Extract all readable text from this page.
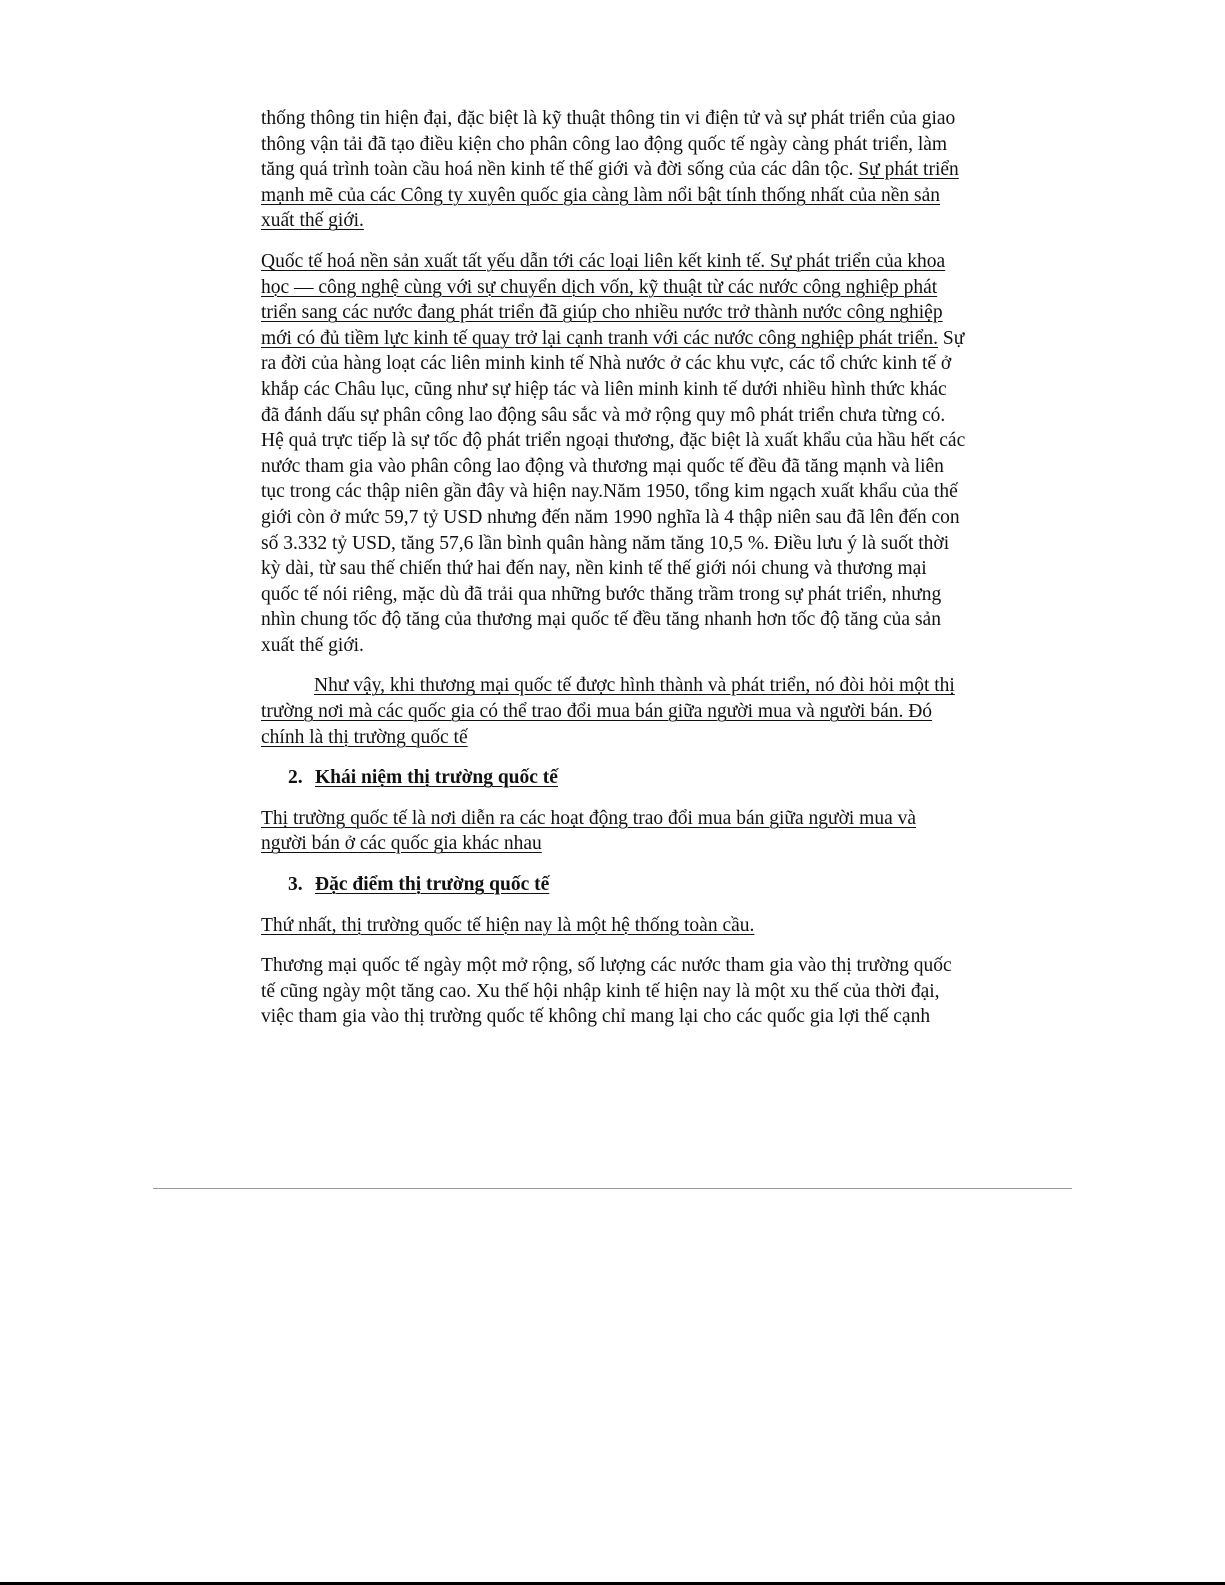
thống thông tin hiện đại, đặc biệt là kỹ thuật thông tin vi điện tử và sự phát triển của giao thông vận tải đã tạo điều kiện cho phân công lao động quốc tế ngày càng phát triển, làm tăng quá trình toàn cầu hoá nền kinh tế thế giới và đời sống của các dân tộc. Sự phát triển mạnh mẽ của các Công ty xuyên quốc gia càng làm nổi bật tính thống nhất của nền sản xuất thế giới.

Quốc tế hoá nền sản xuất tất yếu dẫn tới các loại liên kết kinh tế. Sự phát triển của khoa học — công nghệ cùng với sự chuyển dịch vốn, kỹ thuật từ các nước công nghiệp phát triển sang các nước đang phát triển đã giúp cho nhiều nước trở thành nước công nghiệp mới có đủ tiềm lực kinh tế quay trở lại cạnh tranh với các nước công nghiệp phát triển. Sự ra đời của hàng loạt các liên minh kinh tế Nhà nước ở các khu vực, các tổ chức kinh tế ở khắp các Châu lục, cũng như sự hiệp tác và liên minh kinh tế dưới nhiều hình thức khác đã đánh dấu sự phân công lao động sâu sắc và mở rộng quy mô phát triển chưa từng có. Hệ quả trực tiếp là sự tốc độ phát triển ngoại thương, đặc biệt là xuất khẩu của hầu hết các nước tham gia vào phân công lao động và thương mại quốc tế đều đã tăng mạnh và liên tục trong các thập niên gần đây và hiện nay.Năm 1950, tổng kim ngạch xuất khẩu của thế giới còn ở mức 59,7 tỷ USD nhưng đến năm 1990 nghĩa là 4 thập niên sau đã lên đến con số 3.332 tỷ USD, tăng 57,6 lần bình quân hàng năm tăng 10,5 %. Điều lưu ý là suốt thời kỳ dài, từ sau thế chiến thứ hai đến nay, nền kinh tế thế giới nói chung và thương mại quốc tế nói riêng, mặc dù đã trải qua những bước thăng trầm trong sự phát triển, nhưng nhìn chung tốc độ tăng của thương mại quốc tế đều tăng nhanh hơn tốc độ tăng của sản xuất thế giới.

Như vậy, khi thương mại quốc tế được hình thành và phát triển, nó đòi hỏi một thị trường nơi mà các quốc gia có thể trao đổi mua bán giữa người mua và người bán. Đó chính là thị trường quốc tế

2. Khái niệm thị trường quốc tế

Thị trường quốc tế là nơi diễn ra các hoạt động trao đổi mua bán giữa người mua và người bán ở các quốc gia khác nhau

3. Đặc điểm thị trường quốc tế

Thứ nhất, thị trường quốc tế hiện nay là một hệ thống toàn cầu.

Thương mại quốc tế ngày một mở rộng, số lượng các nước tham gia vào thị trường quốc tế cũng ngày một tăng cao. Xu thế hội nhập kinh tế hiện nay là một xu thế của thời đại, việc tham gia vào thị trường quốc tế không chỉ mang lại cho các quốc gia lợi thế cạnh
